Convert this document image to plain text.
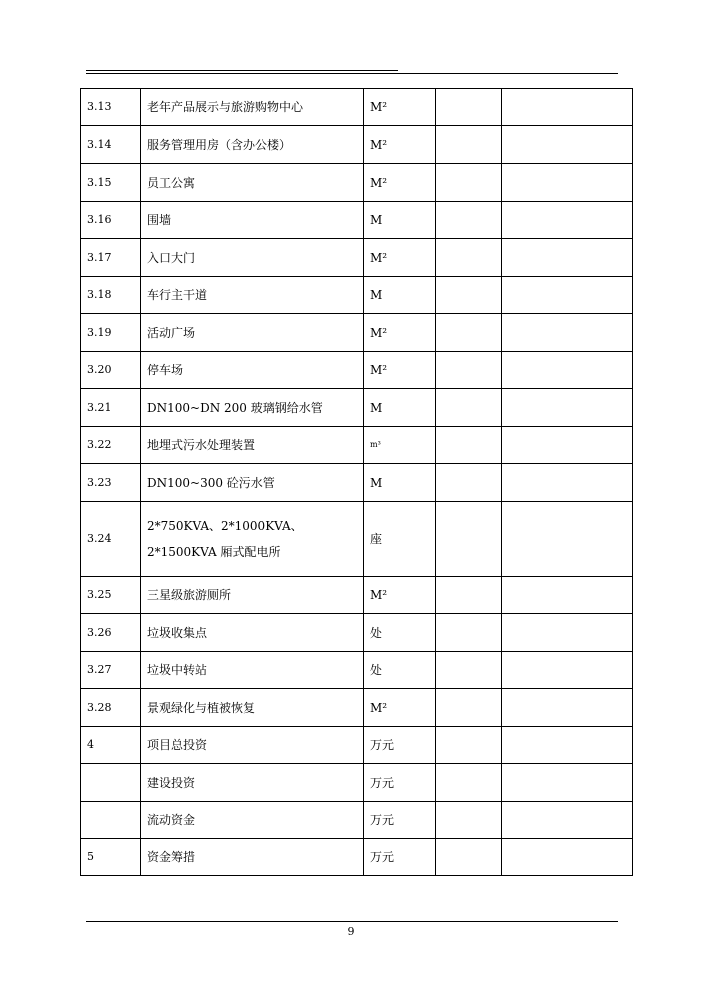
3.13	老年产品展示与旅游购物中心	M²		
3.14	服务管理用房（含办公楼）	M²		
3.15	员工公寓	M²		
3.16	围墙	M		
3.17	入口大门	M²		
3.18	车行主干道	M		
3.19	活动广场	M²		
3.20	停车场	M²		
3.21	DN100~DN 200 玻璃钢给水管	M		
3.22	地埋式污水处理装置	m³		
3.23	DN100~300 砼污水管	M		
3.24	2*750KVA、2*1000KVA、2*1500KVA 厢式配电所	座		
3.25	三星级旅游厕所	M²		
3.26	垃圾收集点	处		
3.27	垃圾中转站	处		
3.28	景观绿化与植被恢复	M²		
4	项目总投资	万元		
	建设投资	万元		
	流动资金	万元		
5	资金筹措	万元		
9
